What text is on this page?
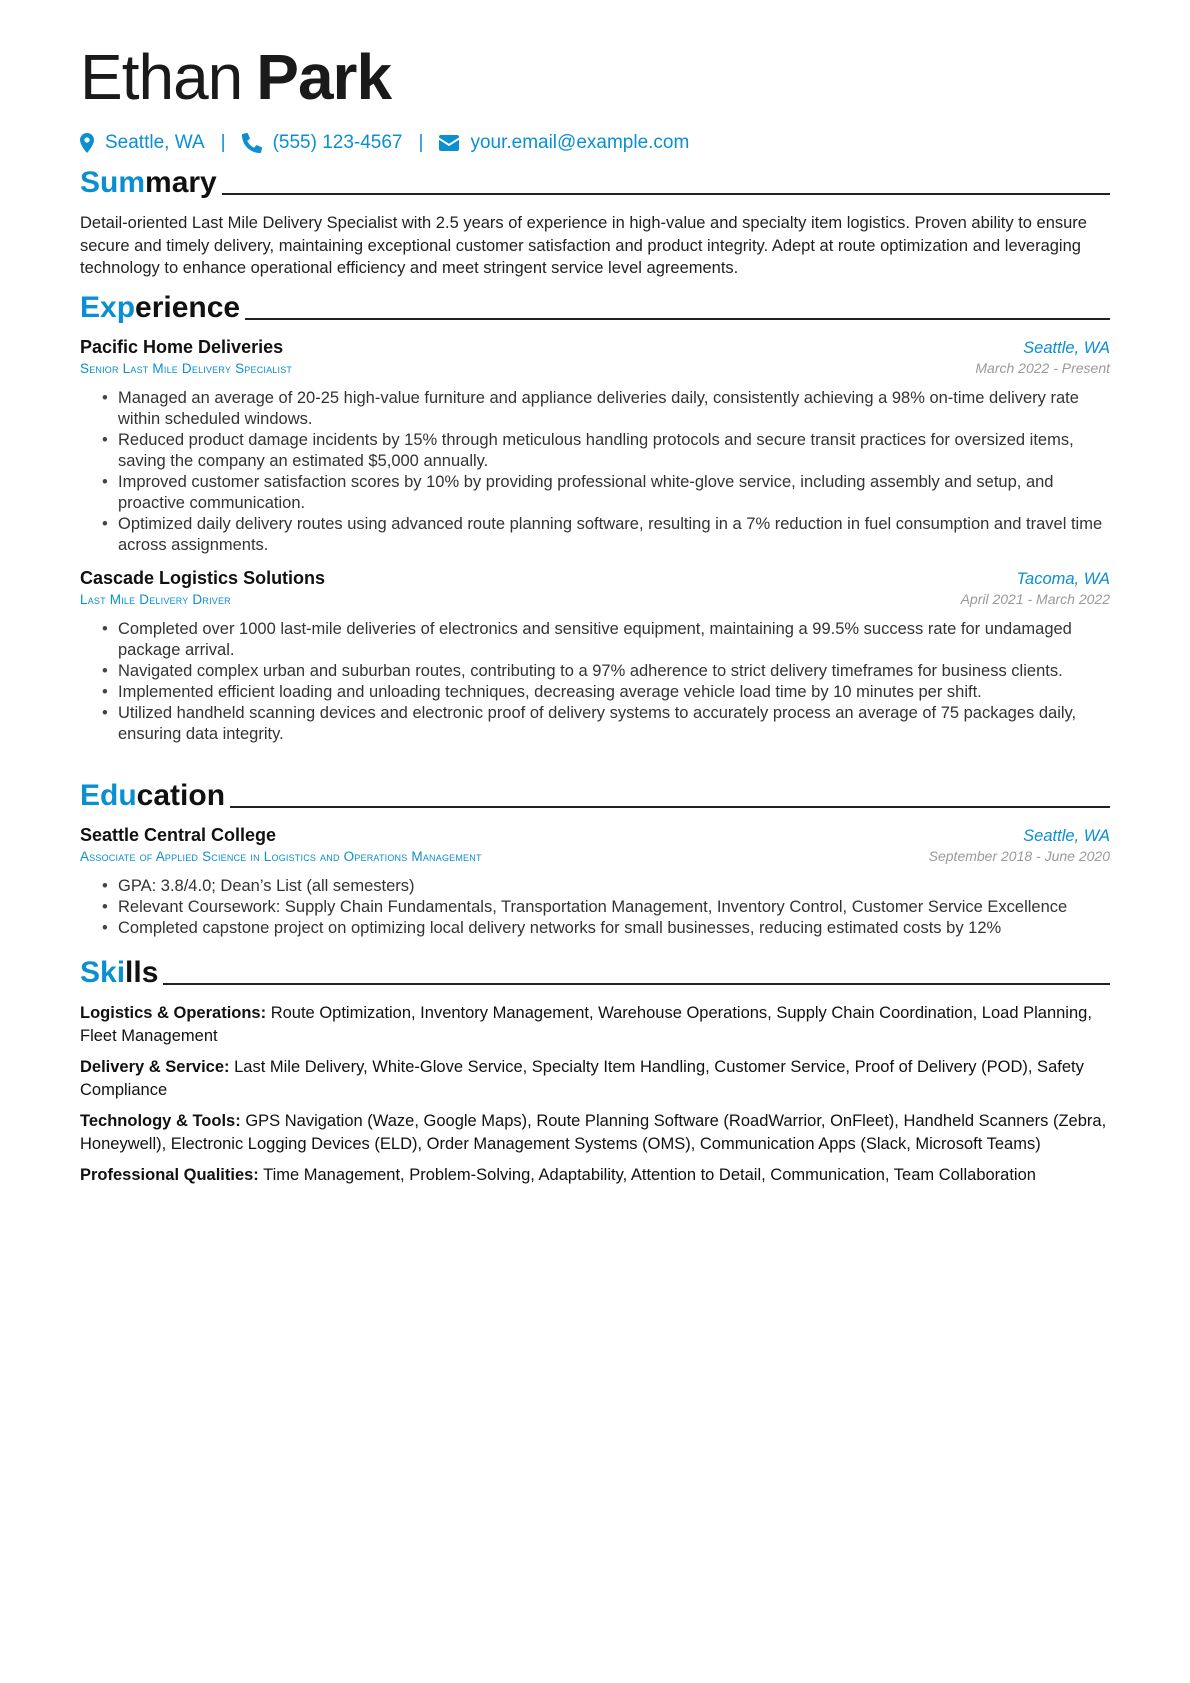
Ethan Park
Seattle, WA | (555) 123-4567 | your.email@example.com
Summary

Detail-oriented Last Mile Delivery Specialist with 2.5 years of experience in high-value and specialty item logistics. Proven ability to ensure secure and timely delivery, maintaining exceptional customer satisfaction and product integrity. Adept at route optimization and leveraging technology to enhance operational efficiency and meet stringent service level agreements.

Experience
Pacific Home Deliveries	Seattle, WA
Senior Last Mile Delivery Specialist	March 2022 - Present
• Managed an average of 20-25 high-value furniture and appliance deliveries daily, consistently achieving a 98% on-time delivery rate within scheduled windows.
• Reduced product damage incidents by 15% through meticulous handling protocols and secure transit practices for oversized items, saving the company an estimated $5,000 annually.
• Improved customer satisfaction scores by 10% by providing professional white-glove service, including assembly and setup, and proactive communication.
• Optimized daily delivery routes using advanced route planning software, resulting in a 7% reduction in fuel consumption and travel time across assignments.
Cascade Logistics Solutions	Tacoma, WA
Last Mile Delivery Driver	April 2021 - March 2022
• Completed over 1000 last-mile deliveries of electronics and sensitive equipment, maintaining a 99.5% success rate for undamaged package arrival.
• Navigated complex urban and suburban routes, contributing to a 97% adherence to strict delivery timeframes for business clients.
• Implemented efficient loading and unloading techniques, decreasing average vehicle load time by 10 minutes per shift.
• Utilized handheld scanning devices and electronic proof of delivery systems to accurately process an average of 75 packages daily, ensuring data integrity.
Education
Seattle Central College	Seattle, WA
Associate of Applied Science in Logistics and Operations Management	September 2018 - June 2020
• GPA: 3.8/4.0; Dean’s List (all semesters)
• Relevant Coursework: Supply Chain Fundamentals, Transportation Management, Inventory Control, Customer Service Excellence
• Completed capstone project on optimizing local delivery networks for small businesses, reducing estimated costs by 12%
Skills

Logistics & Operations: Route Optimization, Inventory Management, Warehouse Operations, Supply Chain Coordination, Load Planning, Fleet Management

Delivery & Service: Last Mile Delivery, White-Glove Service, Specialty Item Handling, Customer Service, Proof of Delivery (POD), Safety Compliance

Technology & Tools: GPS Navigation (Waze, Google Maps), Route Planning Software (RoadWarrior, OnFleet), Handheld Scanners (Zebra, Honeywell), Electronic Logging Devices (ELD), Order Management Systems (OMS), Communication Apps (Slack, Microsoft Teams)

Professional Qualities: Time Management, Problem-Solving, Adaptability, Attention to Detail, Communication, Team Collaboration
